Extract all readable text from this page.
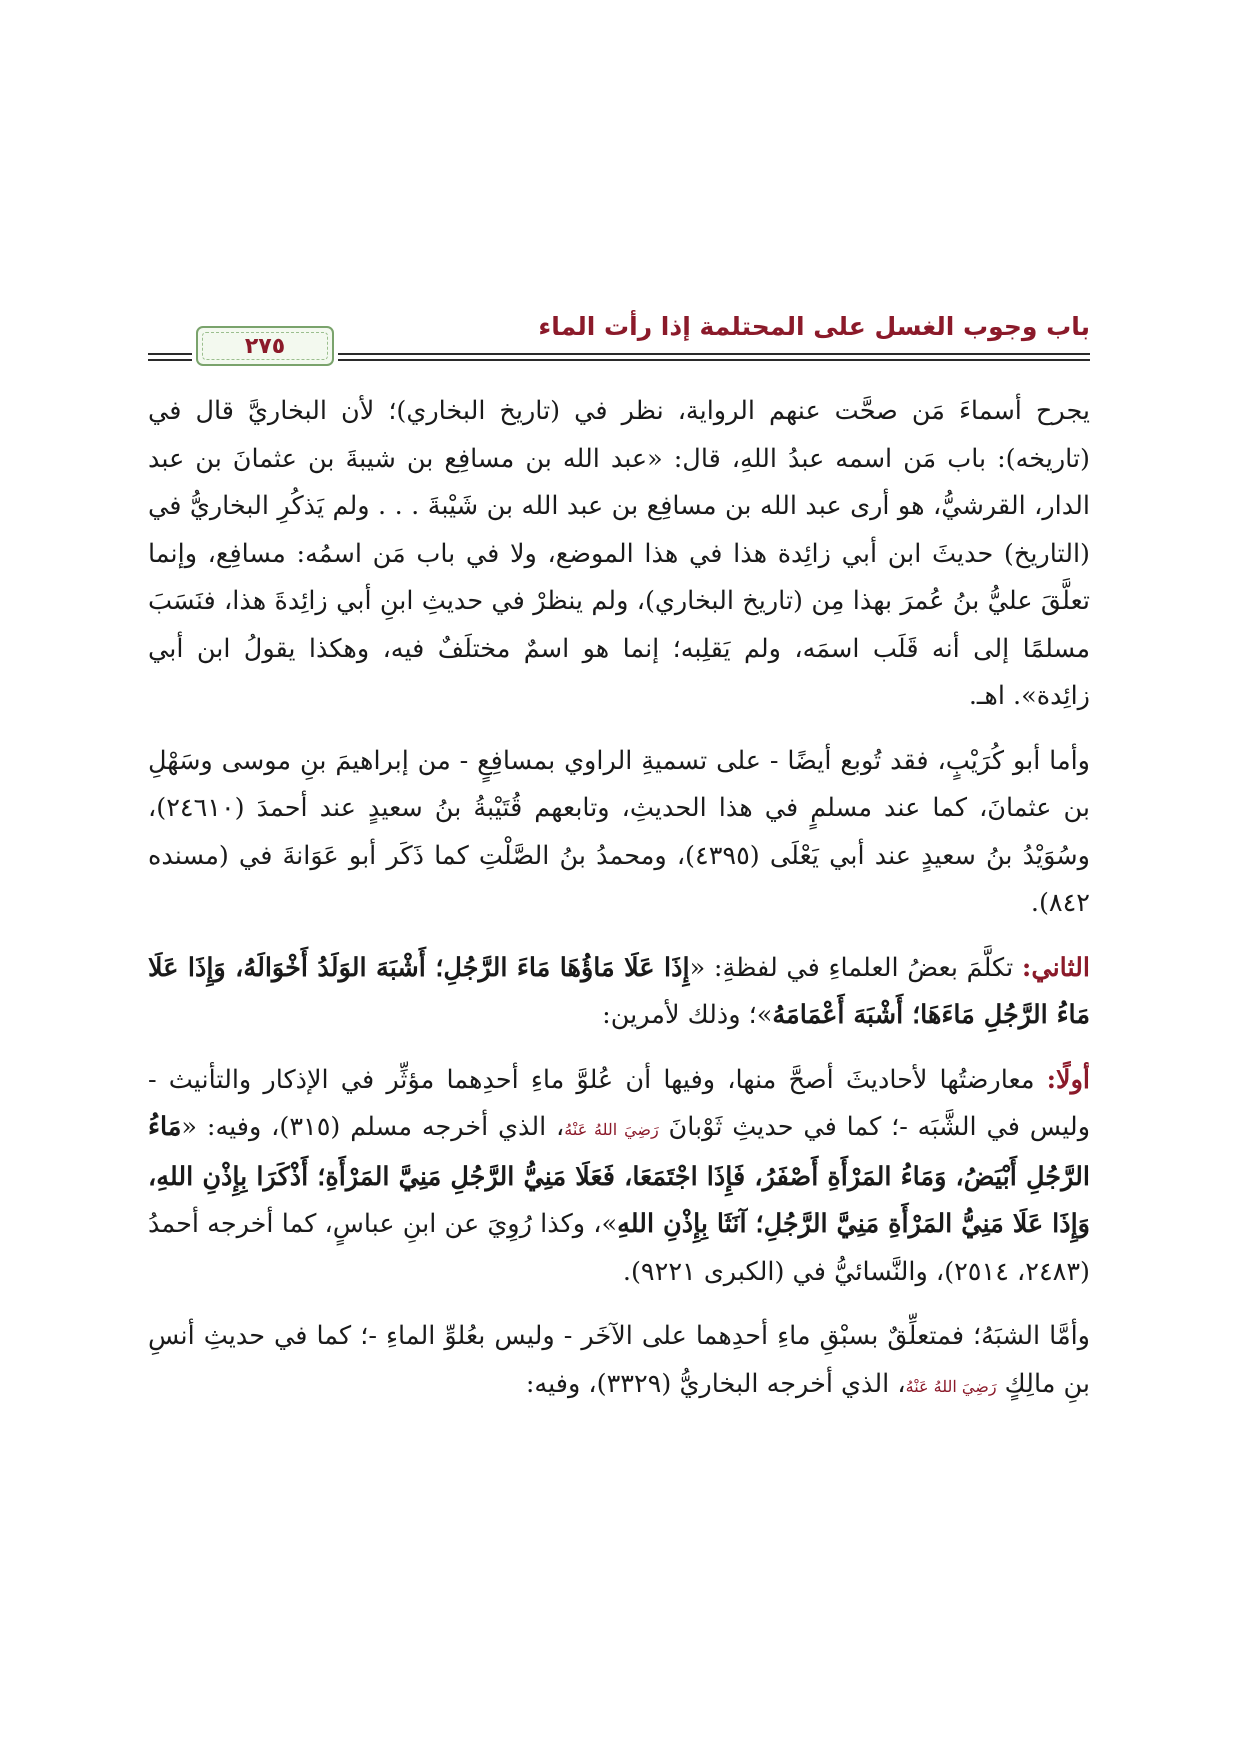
باب وجوب الغسل على المحتلمة إذا رأت الماء
٢٧٥

يجرح أسماءَ مَن صحَّت عنهم الرواية، نظر في (تاريخ البخاري)؛ لأن البخاريَّ قال في (تاريخه): باب مَن اسمه عبدُ اللهِ، قال: «عبد الله بن مسافِع بن شيبةَ بن عثمانَ بن عبد الدار، القرشيُّ، هو أرى عبد الله بن مسافِع بن عبد الله بن شَيْبةَ . . . ولم يَذكُرِ البخاريُّ في (التاريخ) حديثَ ابن أبي زائِدة هذا في هذا الموضع، ولا في باب مَن اسمُه: مسافِع، وإنما تعلَّقَ عليُّ بنُ عُمرَ بهذا مِن (تاريخ البخاري)، ولم ينظرْ في حديثِ ابنِ أبي زائِدةَ هذا، فنَسَبَ مسلمًا إلى أنه قَلَب اسمَه، ولم يَقلِبه؛ إنما هو اسمٌ مختلَفٌ فيه، وهكذا يقولُ ابن أبي زائِدة». اهـ.

وأما أبو كُرَيْبٍ، فقد تُوبع أيضًا - على تسميةِ الراوي بمسافِعٍ - من إبراهيمَ بنِ موسى وسَهْلِ بن عثمانَ، كما عند مسلمٍ في هذا الحديثِ، وتابعهم قُتَيْبةُ بنُ سعيدٍ عند أحمدَ (٢٤٦١٠)، وسُوَيْدُ بنُ سعيدٍ عند أبي يَعْلَى (٤٣٩٥)، ومحمدُ بنُ الصَّلْتِ كما ذَكَر أبو عَوَانةَ في (مسنده ٨٤٢).

الثاني: تكلَّمَ بعضُ العلماءِ في لفظةِ: «إِذَا عَلَا مَاؤُهَا مَاءَ الرَّجُلِ؛ أَشْبَهَ الوَلَدُ أَخْوَالَهُ، وَإِذَا عَلَا مَاءُ الرَّجُلِ مَاءَهَا؛ أَشْبَهَ أَعْمَامَهُ»؛ وذلك لأمرين:

أولًا: معارضتُها لأحاديثَ أصحَّ منها، وفيها أن عُلوَّ ماءِ أحدِهما مؤثِّر في الإذكار والتأنيث - وليس في الشَّبَه -؛ كما في حديثِ ثَوْبانَ رَضِيَ اللهُ عَنْهُ، الذي أخرجه مسلم (٣١٥)، وفيه: «مَاءُ الرَّجُلِ أَبْيَضُ، وَمَاءُ المَرْأَةِ أَصْفَرُ، فَإِذَا اجْتَمَعَا، فَعَلَا مَنِيُّ الرَّجُلِ مَنِيَّ المَرْأَةِ؛ أَذْكَرَا بِإِذْنِ اللهِ، وَإِذَا عَلَا مَنِيُّ المَرْأَةِ مَنِيَّ الرَّجُلِ؛ آنَثَا بِإِذْنِ اللهِ»، وكذا رُوِيَ عن ابنِ عباسٍ، كما أخرجه أحمدُ (٢٤٨٣، ٢٥١٤)، والنَّسائيُّ في (الكبرى ٩٢٢١).

وأمَّا الشبَهُ؛ فمتعلِّقٌ بسبْقِ ماءِ أحدِهما على الآخَر - وليس بعُلوِّ الماءِ -؛ كما في حديثِ أنسِ بنِ مالِكٍ رَضِيَ اللهُ عَنْهُ، الذي أخرجه البخاريُّ (٣٣٢٩)، وفيه:
